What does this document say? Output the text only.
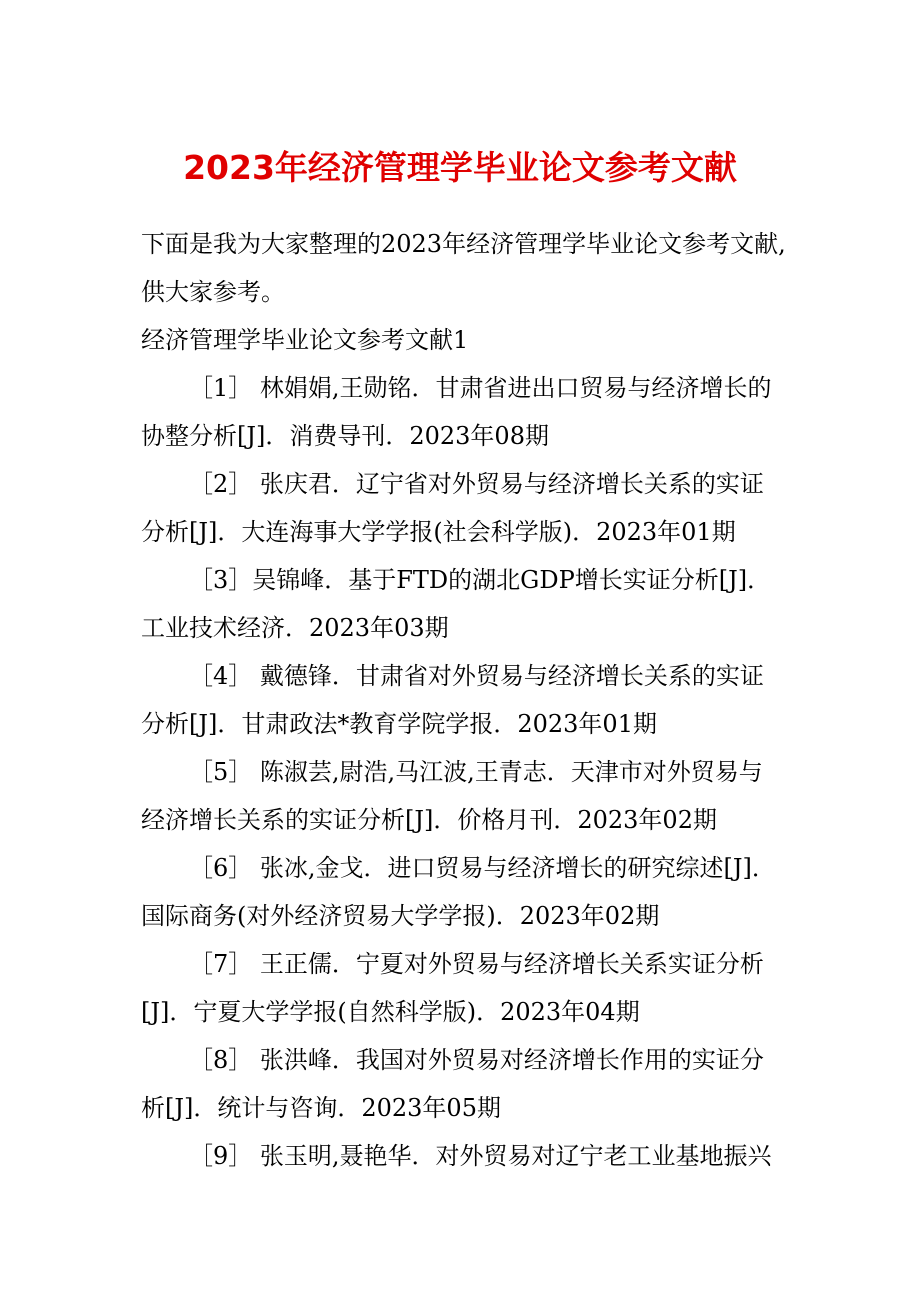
2023年经济管理学毕业论文参考文献

下面是我为大家整理的2023年经济管理学毕业论文参考文献,供大家参考。

经济管理学毕业论文参考文献1

［1］ 林娟娟,王勋铭．甘肃省进出口贸易与经济增长的协整分析[J]．消费导刊．2023年08期

［2］ 张庆君．辽宁省对外贸易与经济增长关系的实证分析[J]．大连海事大学学报(社会科学版)．2023年01期

［3］吴锦峰．基于FTD的湖北GDP增长实证分析[J]．工业技术经济．2023年03期

［4］ 戴德锋．甘肃省对外贸易与经济增长关系的实证分析[J]．甘肃政法*教育学院学报．2023年01期

［5］ 陈淑芸,尉浩,马江波,王青志．天津市对外贸易与经济增长关系的实证分析[J]．价格月刊．2023年02期

［6］ 张冰,金戈．进口贸易与经济增长的研究综述[J]．国际商务(对外经济贸易大学学报)．2023年02期

［7］ 王正儒．宁夏对外贸易与经济增长关系实证分析[J]．宁夏大学学报(自然科学版)．2023年04期

［8］ 张洪峰．我国对外贸易对经济增长作用的实证分析[J]．统计与咨询．2023年05期

［9］ 张玉明,聂艳华．对外贸易对辽宁老工业基地振兴
